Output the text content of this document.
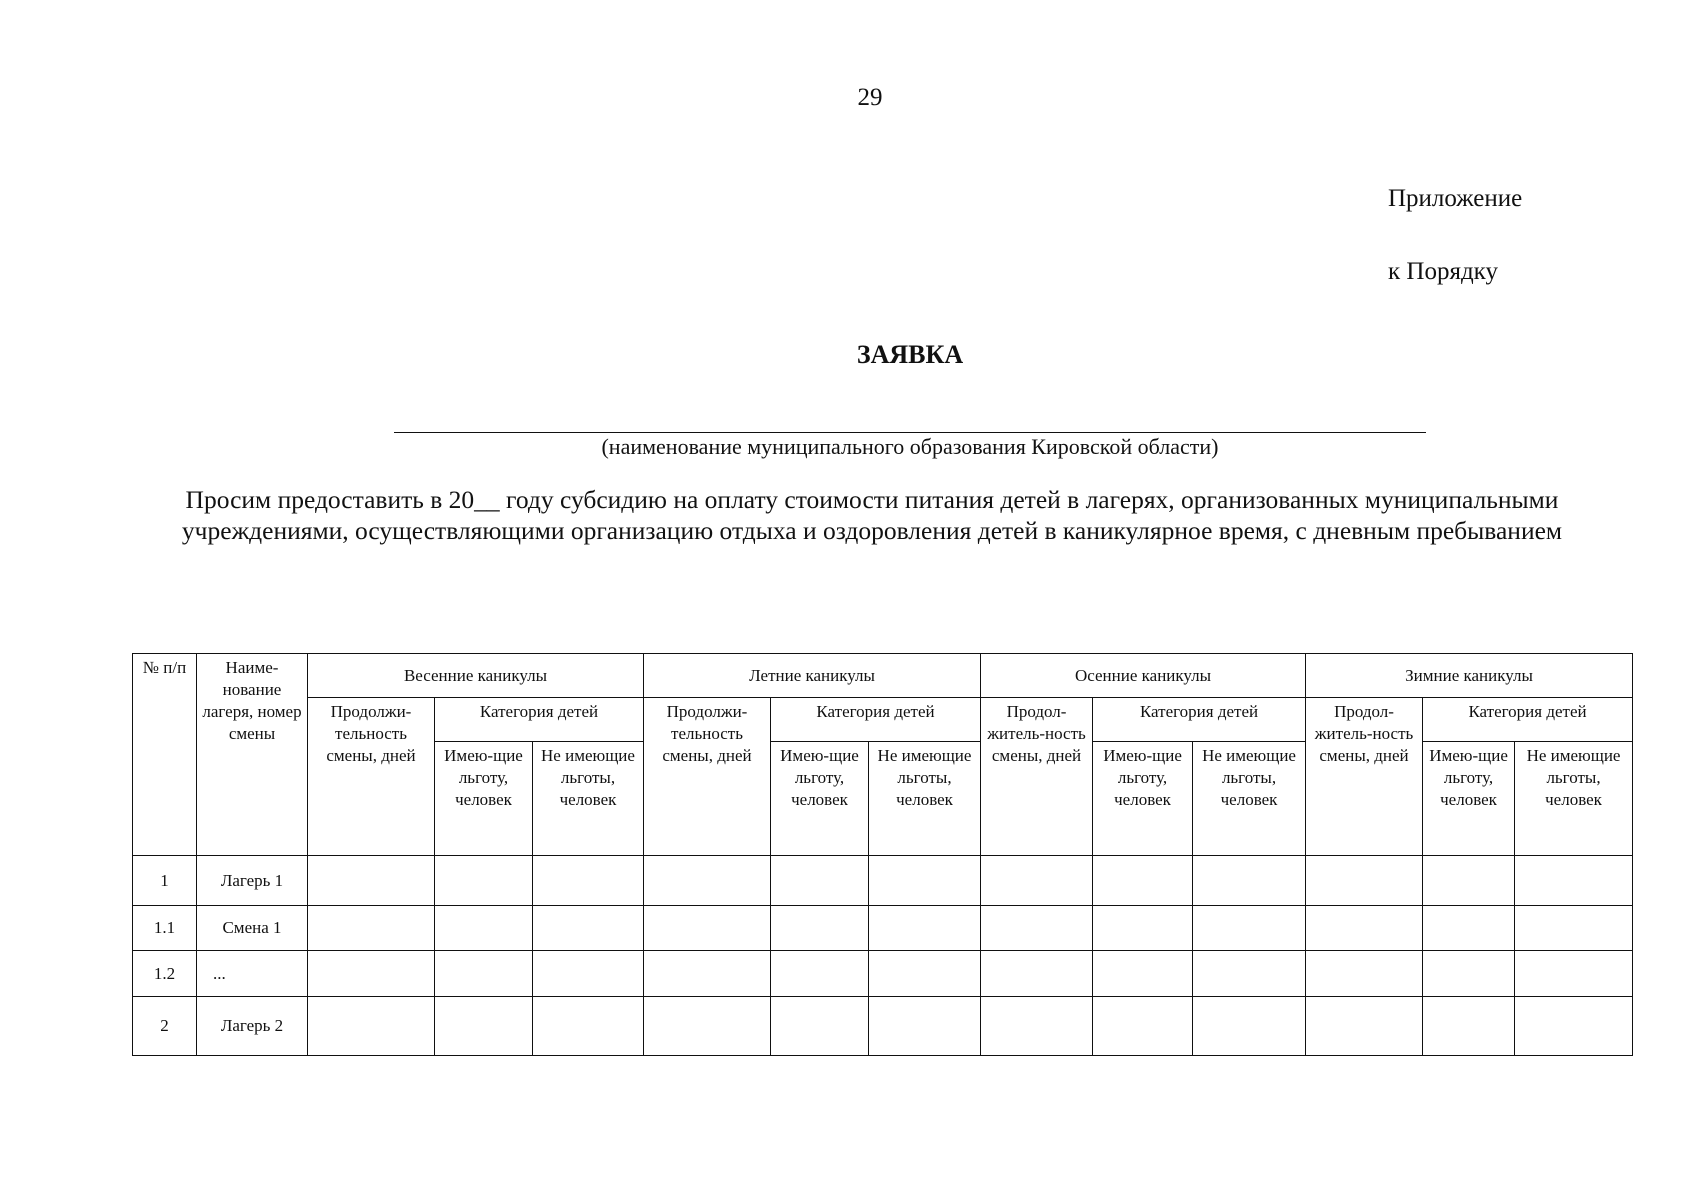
29
Приложение
к Порядку
ЗАЯВКА
(наименование муниципального образования Кировской области)
Просим предоставить в 20__ году субсидию на оплату стоимости питания детей в лагерях, организованных муниципальными учреждениями, осуществляющими организацию отдыха и оздоровления детей в каникулярное время, с дневным пребыванием
№ п/п	Наиме-нование лагеря, номер смены	Весенние каникулы			Летние каникулы			Осенние каникулы			Зимние каникулы		
		Продолжи-тельность смены, дней	Категория детей		Продолжи-тельность смены, дней	Категория детей		Продол-житель-ность смены, дней	Категория детей		Продол-житель-ность смены, дней	Категория детей	
			Имею-щие льготу, человек	Не имеющие льготы, человек		Имею-щие льготу, человек	Не имеющие льготы, человек		Имею-щие льготу, человек	Не имеющие льготы, человек		Имею-щие льготу, человек	Не имеющие льготы, человек
1	Лагерь 1												
1.1	Смена 1												
1.2	...												
2	Лагерь 2												
